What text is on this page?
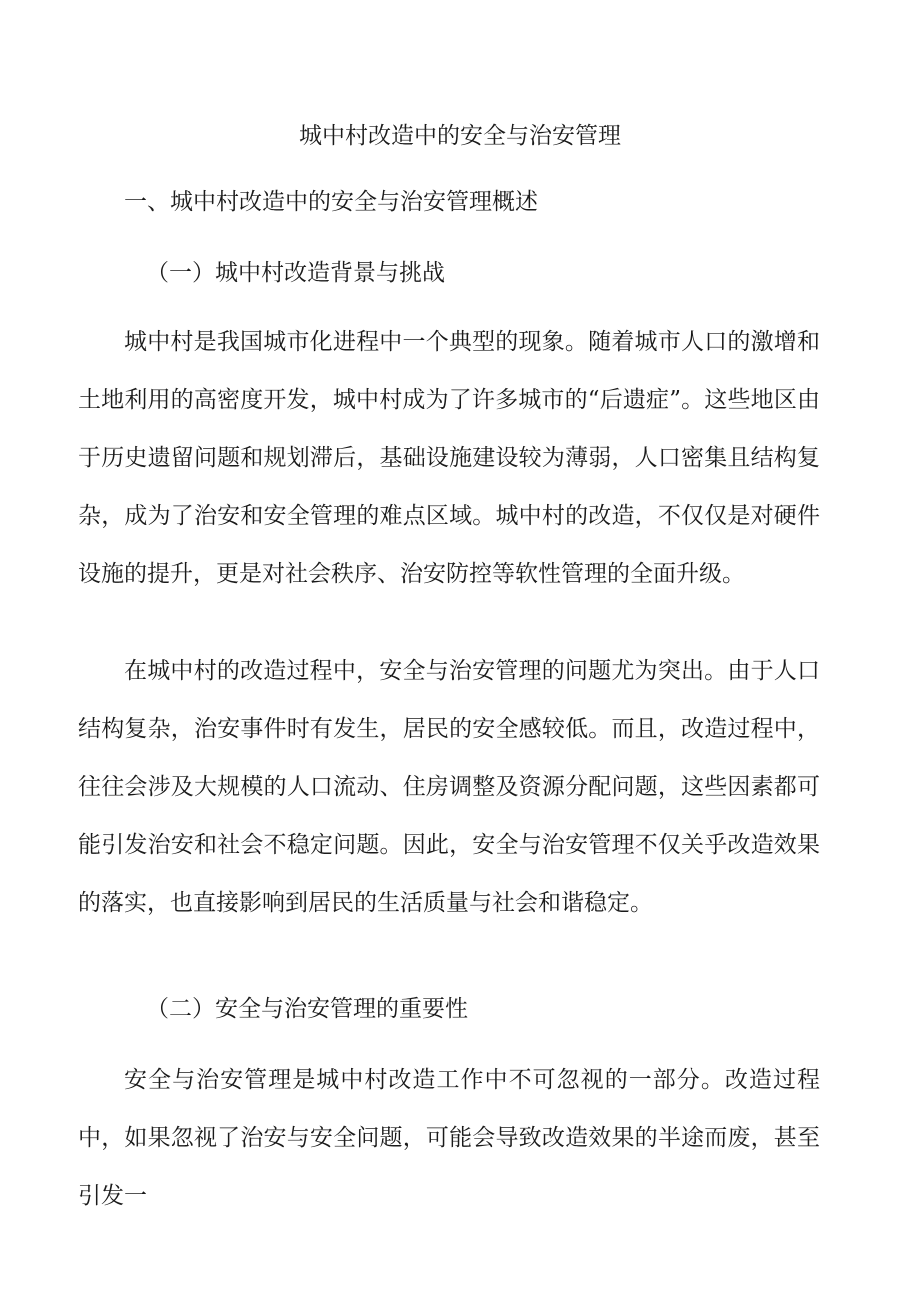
城中村改造中的安全与治安管理
一、城中村改造中的安全与治安管理概述
（一）城中村改造背景与挑战

城中村是我国城市化进程中一个典型的现象。随着城市人口的激增和土地利用的高密度开发，城中村成为了许多城市的“后遗症”。这些地区由于历史遗留问题和规划滞后，基础设施建设较为薄弱，人口密集且结构复杂，成为了治安和安全管理的难点区域。城中村的改造，不仅仅是对硬件设施的提升，更是对社会秩序、治安防控等软性管理的全面升级。

在城中村的改造过程中，安全与治安管理的问题尤为突出。由于人口结构复杂，治安事件时有发生，居民的安全感较低。而且，改造过程中，往往会涉及大规模的人口流动、住房调整及资源分配问题，这些因素都可能引发治安和社会不稳定问题。因此，安全与治安管理不仅关乎改造效果的落实，也直接影响到居民的生活质量与社会和谐稳定。

（二）安全与治安管理的重要性

安全与治安管理是城中村改造工作中不可忽视的一部分。改造过程中，如果忽视了治安与安全问题，可能会导致改造效果的半途而废，甚至引发一
